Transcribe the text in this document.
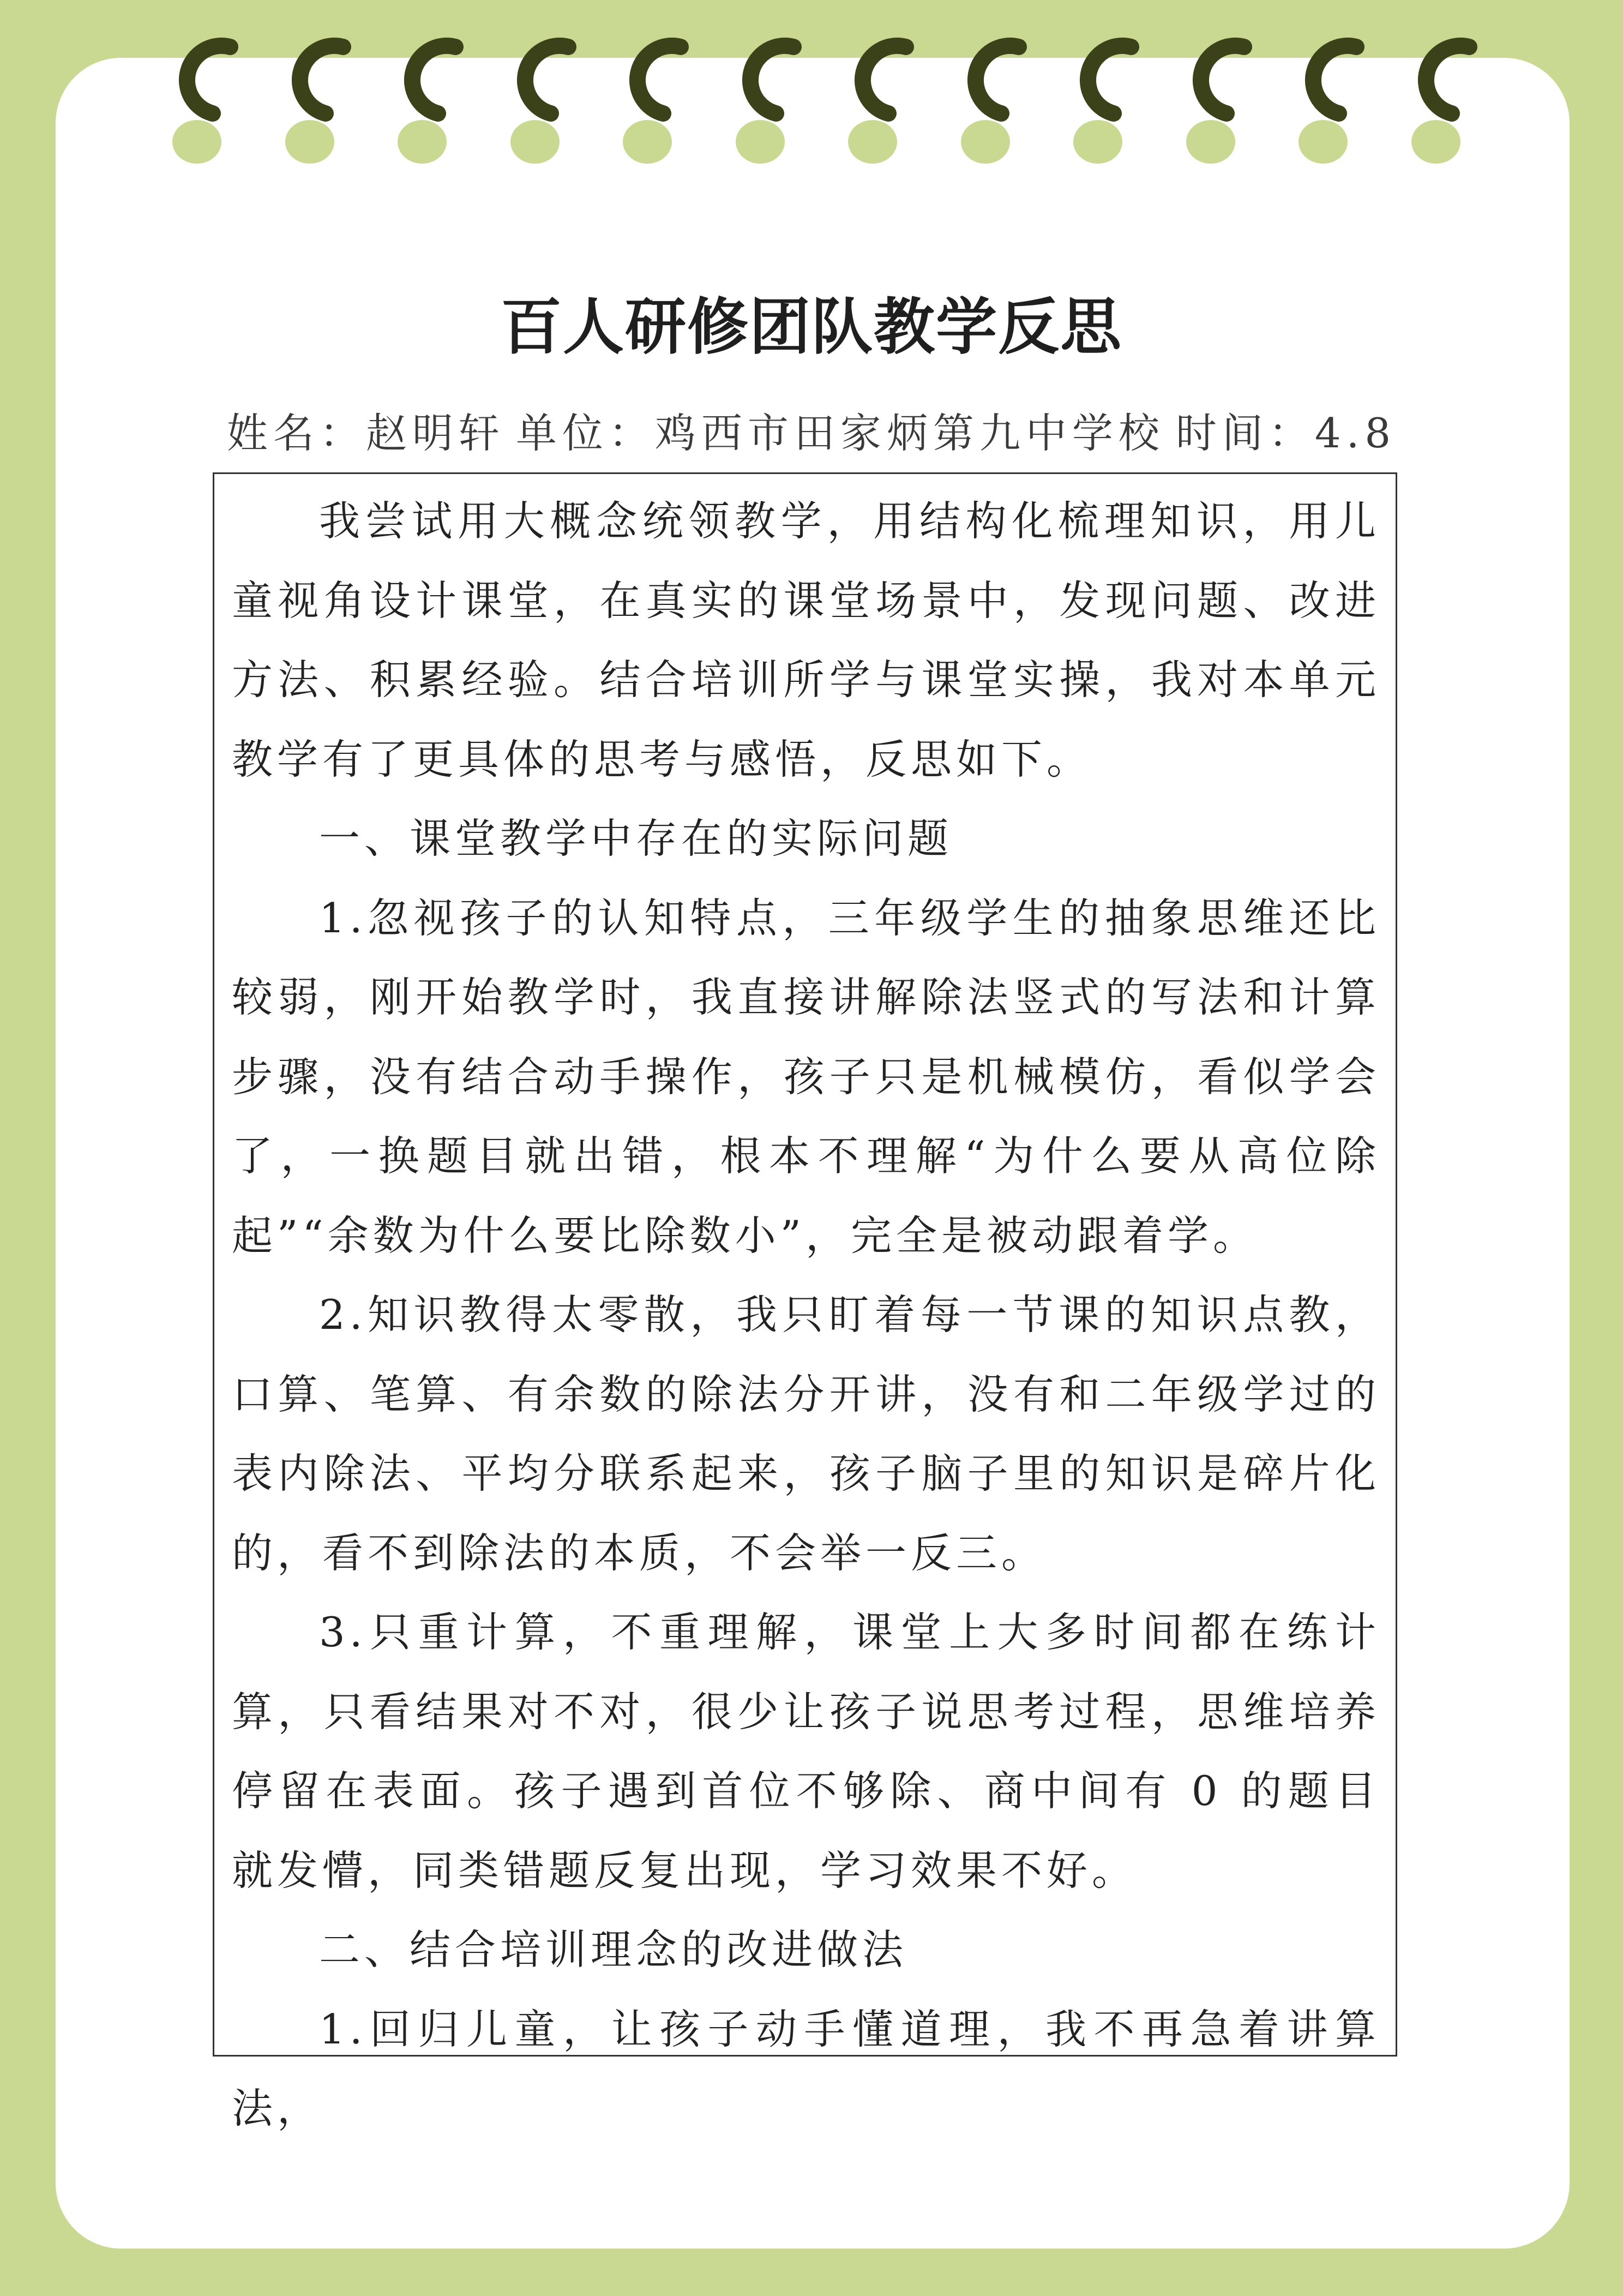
百人研修团队教学反思
姓名：赵明轩 单位：鸡西市田家炳第九中学校 时间：4.8

我尝试用大概念统领教学，用结构化梳理知识，用儿童视角设计课堂，在真实的课堂场景中，发现问题、改进方法、积累经验。结合培训所学与课堂实操，我对本单元教学有了更具体的思考与感悟，反思如下。

一、课堂教学中存在的实际问题

1.忽视孩子的认知特点，三年级学生的抽象思维还比较弱，刚开始教学时，我直接讲解除法竖式的写法和计算步骤，没有结合动手操作，孩子只是机械模仿，看似学会了，一换题目就出错，根本不理解“为什么要从高位除起”“余数为什么要比除数小”，完全是被动跟着学。

2.知识教得太零散，我只盯着每一节课的知识点教，口算、笔算、有余数的除法分开讲，没有和二年级学过的表内除法、平均分联系起来，孩子脑子里的知识是碎片化的，看不到除法的本质，不会举一反三。

3.只重计算，不重理解，课堂上大多时间都在练计算，只看结果对不对，很少让孩子说思考过程，思维培养停留在表面。孩子遇到首位不够除、商中间有 0 的题目就发懵，同类错题反复出现，学习效果不好。

二、结合培训理念的改进做法

1.回归儿童，让孩子动手懂道理，我不再急着讲算法，
